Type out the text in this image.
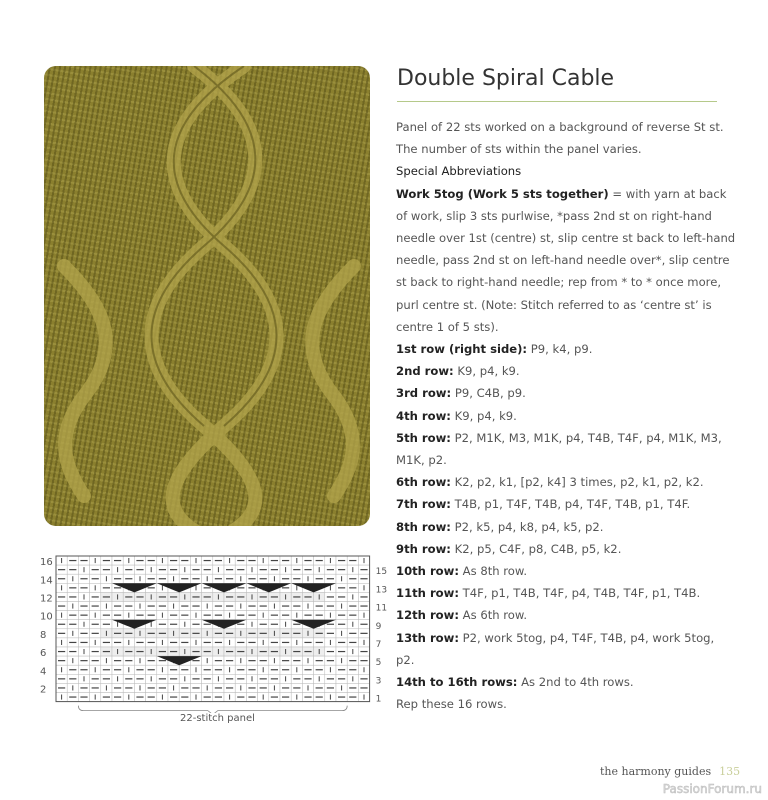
Double Spiral Cable

Panel of 22 sts worked on a background of reverse St st.

The number of sts within the panel varies.

Special Abbreviations

Work 5tog (Work 5 sts together) = with yarn at back of work, slip 3 sts purlwise, *pass 2nd st on right-hand needle over 1st (centre) st, slip centre st back to left-hand needle, pass 2nd st on left-hand needle over*, slip centre st back to right-hand needle; rep from * to * once more, purl centre st. (Note: Stitch referred to as ‘centre st’ is centre 1 of 5 sts).

1st row (right side): P9, k4, p9.

2nd row: K9, p4, k9.

3rd row: P9, C4B, p9.

4th row: K9, p4, k9.

5th row: P2, M1K, M3, M1K, p4, T4B, T4F, p4, M1K, M3, M1K, p2.

6th row: K2, p2, k1, [p2, k4] 3 times, p2, k1, p2, k2.

7th row: T4B, p1, T4F, T4B, p4, T4F, T4B, p1, T4F.

8th row: P2, k5, p4, k8, p4, k5, p2.

9th row: K2, p5, C4F, p8, C4B, p5, k2.

10th row: As 8th row.

11th row: T4F, p1, T4B, T4F, p4, T4B, T4F, p1, T4B.

12th row: As 6th row.

13th row: P2, work 5tog, p4, T4F, T4B, p4, work 5tog, p2.

14th to 16th rows: As 2nd to 4th rows.

Rep these 16 rows.

16
14
12
10
8
6
4
2
15
13
11
9
7
5
3
1
22-stitch panel
the harmony guides 135
PassionForum.ru
